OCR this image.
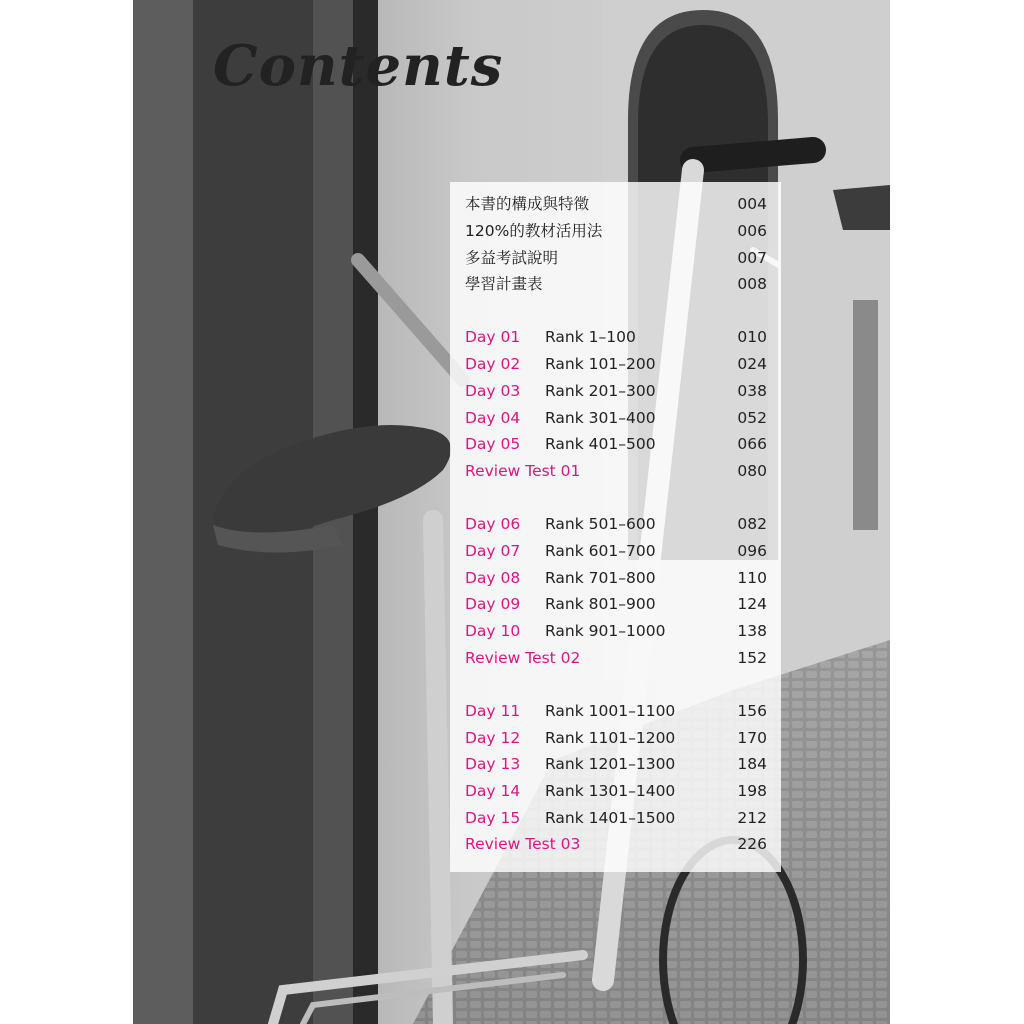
Contents
本書的構成與特徵	004
120%的教材活用法	006
多益考試說明	007
學習計畫表	008
Day 01 Rank 1–100	010
Day 02 Rank 101–200	024
Day 03 Rank 201–300	038
Day 04 Rank 301–400	052
Day 05 Rank 401–500	066
Review Test 01	080
Day 06 Rank 501–600	082
Day 07 Rank 601–700	096
Day 08 Rank 701–800	110
Day 09 Rank 801–900	124
Day 10 Rank 901–1000	138
Review Test 02	152
Day 11 Rank 1001–1100	156
Day 12 Rank 1101–1200	170
Day 13 Rank 1201–1300	184
Day 14 Rank 1301–1400	198
Day 15 Rank 1401–1500	212
Review Test 03	226
